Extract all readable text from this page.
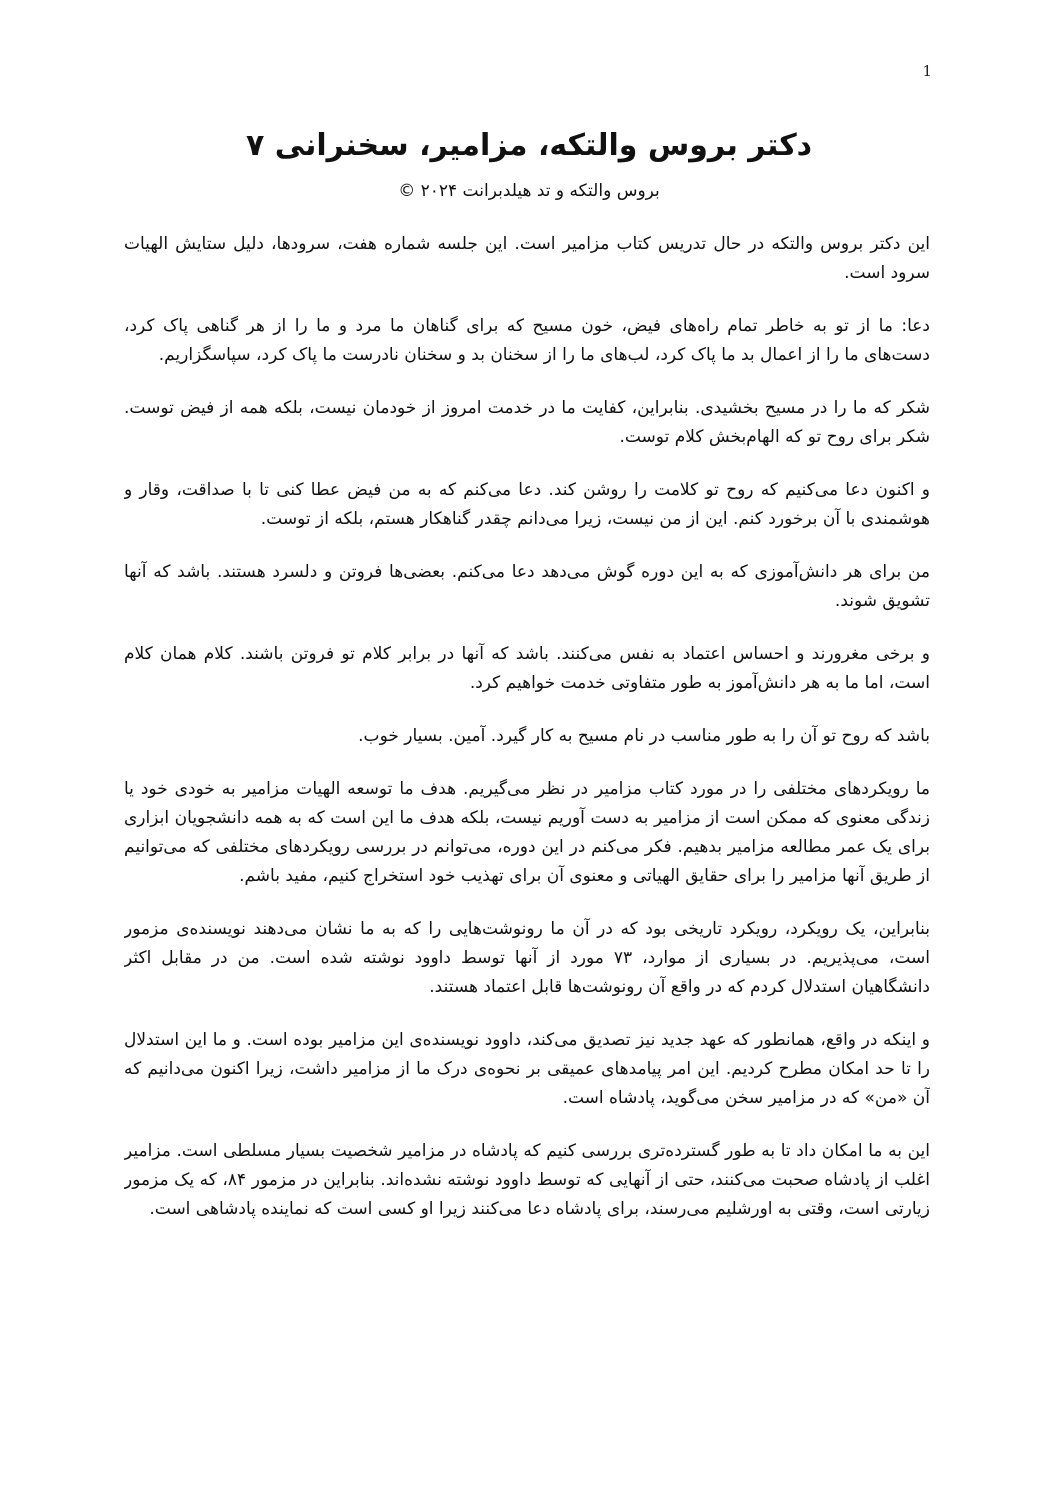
1
دکتر بروس والتکه، مزامیر، سخنرانی ۷
بروس والتکه و تد هیلدبرانت ۲۰۲۴ ©

این دکتر بروس والتکه در حال تدریس کتاب مزامیر است. این جلسه شماره هفت، سرودها، دلیل ستایش الهیات سرود است.

دعا: ما از تو به خاطر تمام راه‌های فیض، خون مسیح که برای گناهان ما مرد و ما را از هر گناهی پاک کرد، دست‌های ما را از اعمال بد ما پاک کرد، لب‌های ما را از سخنان بد و سخنان نادرست ما پاک کرد، سپاسگزاریم.

شکر که ما را در مسیح بخشیدی. بنابراین، کفایت ما در خدمت امروز از خودمان نیست، بلکه همه از فیض توست. شکر برای روح تو که الهام‌بخش کلام توست.

و اکنون دعا می‌کنیم که روح تو کلامت را روشن کند. دعا می‌کنم که به من فیض عطا کنی تا با صداقت، وقار و هوشمندی با آن برخورد کنم. این از من نیست، زیرا می‌دانم چقدر گناهکار هستم، بلکه از توست.

من برای هر دانش‌آموزی که به این دوره گوش می‌دهد دعا می‌کنم. بعضی‌ها فروتن و دلسرد هستند. باشد که آنها تشویق شوند.

و برخی مغرورند و احساس اعتماد به نفس می‌کنند. باشد که آنها در برابر کلام تو فروتن باشند. کلام همان کلام است، اما ما به هر دانش‌آموز به طور متفاوتی خدمت خواهیم کرد.

باشد که روح تو آن را به طور مناسب در نام مسیح به کار گیرد. آمین. بسیار خوب.

ما رویکردهای مختلفی را در مورد کتاب مزامیر در نظر می‌گیریم. هدف ما توسعه الهیات مزامیر به خودی خود یا زندگی معنوی که ممکن است از مزامیر به دست آوریم نیست، بلکه هدف ما این است که به همه دانشجویان ابزاری برای یک عمر مطالعه مزامیر بدهیم. فکر می‌کنم در این دوره، می‌توانم در بررسی رویکردهای مختلفی که می‌توانیم از طریق آنها مزامیر را برای حقایق الهیاتی و معنوی آن برای تهذیب خود استخراج کنیم، مفید باشم.

بنابراین، یک رویکرد، رویکرد تاریخی بود که در آن ما رونوشت‌هایی را که به ما نشان می‌دهند نویسنده‌ی مزمور است، می‌پذیریم. در بسیاری از موارد، ۷۳ مورد از آنها توسط داوود نوشته شده است. من در مقابل اکثر دانشگاهیان استدلال کردم که در واقع آن رونوشت‌ها قابل اعتماد هستند.

و اینکه در واقع، همانطور که عهد جدید نیز تصدیق می‌کند، داوود نویسنده‌ی این مزامیر بوده است. و ما این استدلال را تا حد امکان مطرح کردیم. این امر پیامدهای عمیقی بر نحوه‌ی درک ما از مزامیر داشت، زیرا اکنون می‌دانیم که آن «من» که در مزامیر سخن می‌گوید، پادشاه است.

این به ما امکان داد تا به طور گسترده‌تری بررسی کنیم که پادشاه در مزامیر شخصیت بسیار مسلطی است. مزامیر اغلب از پادشاه صحبت می‌کنند، حتی از آنهایی که توسط داوود نوشته نشده‌اند. بنابراین در مزمور ۸۴، که یک مزمور زیارتی است، وقتی به اورشلیم می‌رسند، برای پادشاه دعا می‌کنند زیرا او کسی است که نماینده پادشاهی است.
